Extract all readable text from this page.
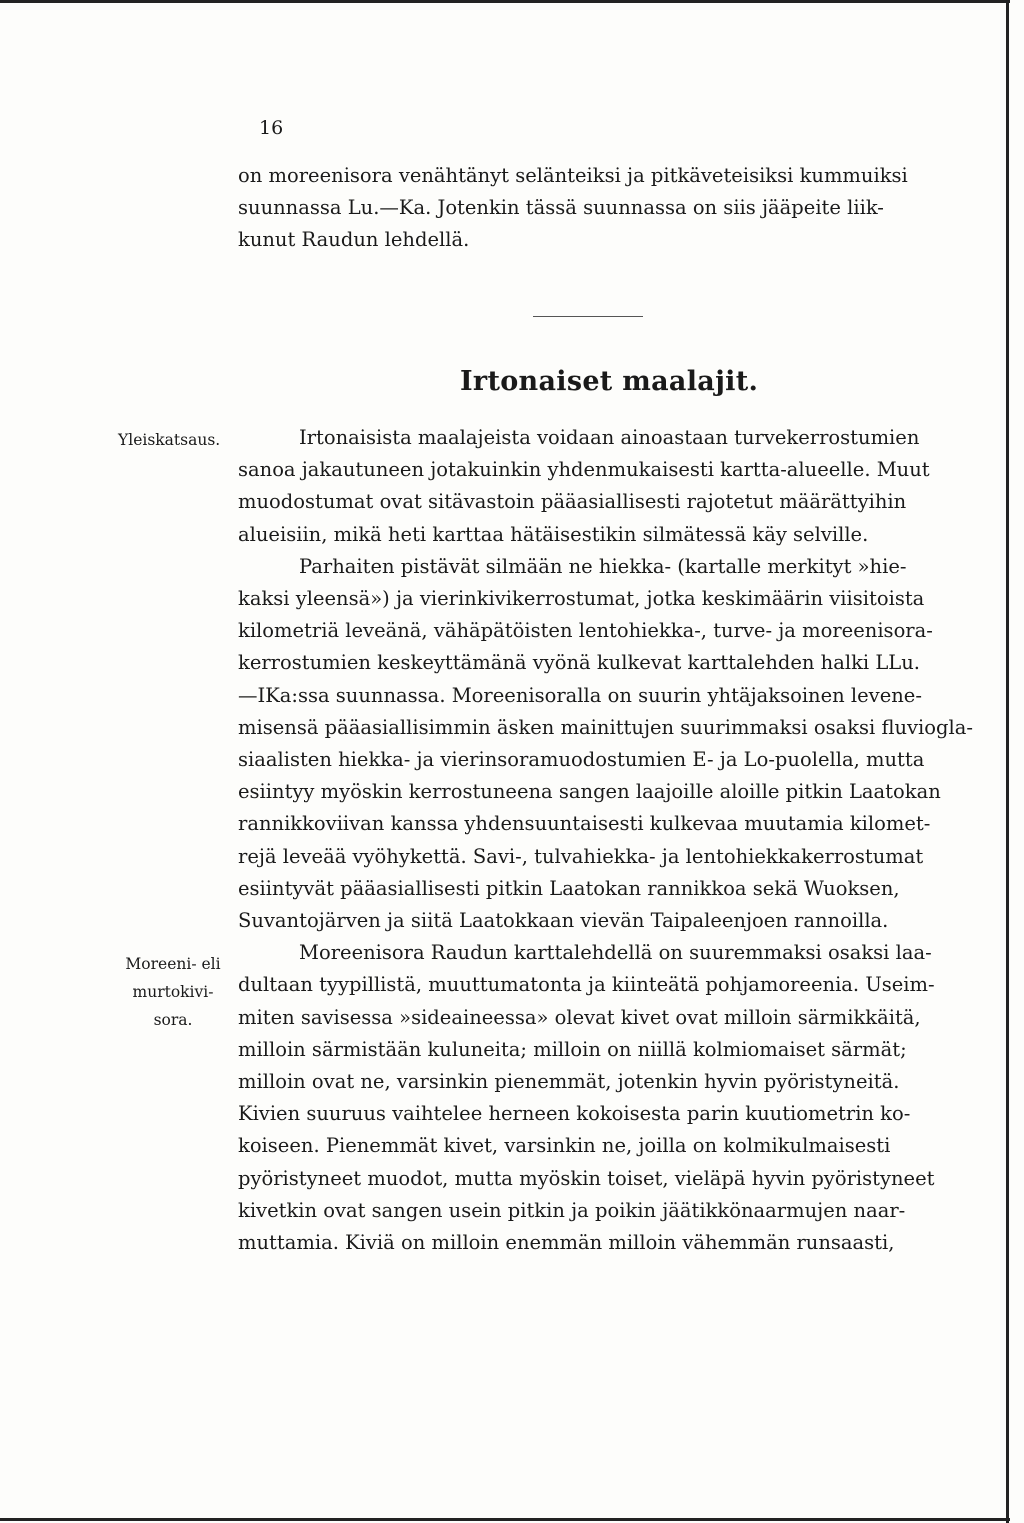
16
on moreenisora venähtänyt selänteiksi ja pitkäveteisiksi kummuiksi
suunnassa Lu.—Ka. Jotenkin tässä suunnassa on siis jääpeite liik-
kunut Raudun lehdellä.
Irtonaiset maalajit.
Yleiskatsaus.
Moreeni- eli
murtokivi-
sora.
Irtonaisista maalajeista voidaan ainoastaan turvekerrostumien
sanoa jakautuneen jotakuinkin yhdenmukaisesti kartta-alueelle. Muut
muodostumat ovat sitävastoin pääasiallisesti rajotetut määrättyihin
alueisiin, mikä heti karttaa hätäisestikin silmätessä käy selville.
Parhaiten pistävät silmään ne hiekka- (kartalle merkityt »hie-
kaksi yleensä») ja vierinkivikerrostumat, jotka keskimäärin viisitoista
kilometriä leveänä, vähäpätöisten lentohiekka-, turve- ja moreenisora-
kerrostumien keskeyttämänä vyönä kulkevat karttalehden halki LLu.
—IKa:ssa suunnassa. Moreenisoralla on suurin yhtäjaksoinen levene-
misensä pääasiallisimmin äsken mainittujen suurimmaksi osaksi fluviogla-
siaalisten hiekka- ja vierinsoramuodostumien E- ja Lo-puolella, mutta
esiintyy myöskin kerrostuneena sangen laajoille aloille pitkin Laatokan
rannikkoviivan kanssa yhdensuuntaisesti kulkevaa muutamia kilomet-
rejä leveää vyöhykettä. Savi-, tulvahiekka- ja lentohiekkakerrostumat
esiintyvät pääasiallisesti pitkin Laatokan rannikkoa sekä Wuoksen,
Suvantojärven ja siitä Laatokkaan vievän Taipaleenjoen rannoilla.
Moreenisora Raudun karttalehdellä on suuremmaksi osaksi laa-
dultaan tyypillistä, muuttumatonta ja kiinteätä pohjamoreenia. Useim-
miten savisessa »sideaineessa» olevat kivet ovat milloin särmikkäitä,
milloin särmistään kuluneita; milloin on niillä kolmiomaiset särmät;
milloin ovat ne, varsinkin pienemmät, jotenkin hyvin pyöristyneitä.
Kivien suuruus vaihtelee herneen kokoisesta parin kuutiometrin ko-
koiseen. Pienemmät kivet, varsinkin ne, joilla on kolmikulmaisesti
pyöristyneet muodot, mutta myöskin toiset, vieläpä hyvin pyöristyneet
kivetkin ovat sangen usein pitkin ja poikin jäätikkönaarmujen naar-
muttamia. Kiviä on milloin enemmän milloin vähemmän runsaasti,
